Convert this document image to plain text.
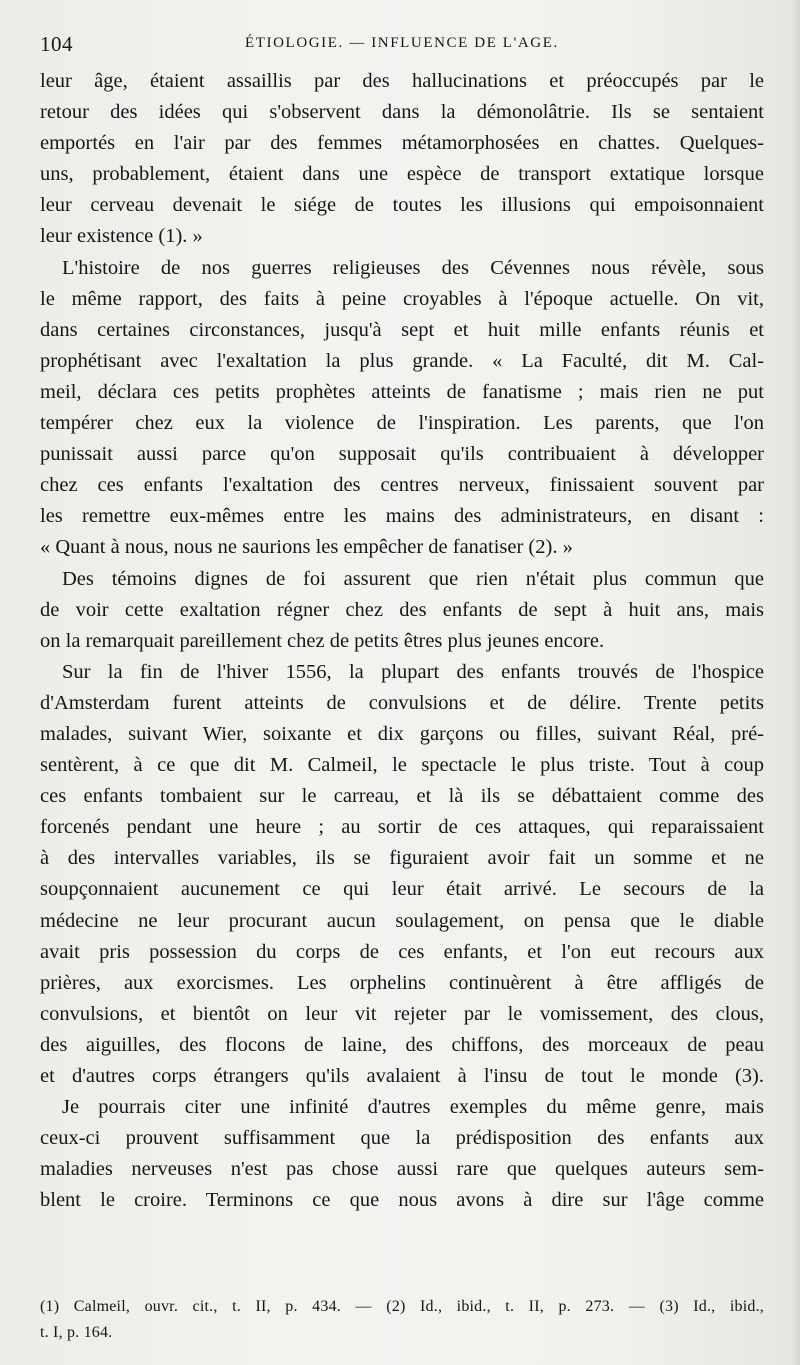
104	ÉTIOLOGIE. — INFLUENCE DE L'AGE.

leur âge, étaient assaillis par des hallucinations et préoccupés par le

retour des idées qui s'observent dans la démonolâtrie. Ils se sentaient

emportés en l'air par des femmes métamorphosées en chattes. Quelques-

uns, probablement, étaient dans une espèce de transport extatique lorsque

leur cerveau devenait le siége de toutes les illusions qui empoisonnaient

leur existence (1). »

L'histoire de nos guerres religieuses des Cévennes nous révèle, sous

le même rapport, des faits à peine croyables à l'époque actuelle. On vit,

dans certaines circonstances, jusqu'à sept et huit mille enfants réunis et

prophétisant avec l'exaltation la plus grande. « La Faculté, dit M. Cal-

meil, déclara ces petits prophètes atteints de fanatisme ; mais rien ne put

tempérer chez eux la violence de l'inspiration. Les parents, que l'on

punissait aussi parce qu'on supposait qu'ils contribuaient à développer

chez ces enfants l'exaltation des centres nerveux, finissaient souvent par

les remettre eux-mêmes entre les mains des administrateurs, en disant :

« Quant à nous, nous ne saurions les empêcher de fanatiser (2). »

Des témoins dignes de foi assurent que rien n'était plus commun que

de voir cette exaltation régner chez des enfants de sept à huit ans, mais

on la remarquait pareillement chez de petits êtres plus jeunes encore.

Sur la fin de l'hiver 1556, la plupart des enfants trouvés de l'hospice

d'Amsterdam furent atteints de convulsions et de délire. Trente petits

malades, suivant Wier, soixante et dix garçons ou filles, suivant Réal, pré-

sentèrent, à ce que dit M. Calmeil, le spectacle le plus triste. Tout à coup

ces enfants tombaient sur le carreau, et là ils se débattaient comme des

forcenés pendant une heure ; au sortir de ces attaques, qui reparaissaient

à des intervalles variables, ils se figuraient avoir fait un somme et ne

soupçonnaient aucunement ce qui leur était arrivé. Le secours de la

médecine ne leur procurant aucun soulagement, on pensa que le diable

avait pris possession du corps de ces enfants, et l'on eut recours aux

prières, aux exorcismes. Les orphelins continuèrent à être affligés de

convulsions, et bientôt on leur vit rejeter par le vomissement, des clous,

des aiguilles, des flocons de laine, des chiffons, des morceaux de peau

et d'autres corps étrangers qu'ils avalaient à l'insu de tout le monde (3).

Je pourrais citer une infinité d'autres exemples du même genre, mais

ceux-ci prouvent suffisamment que la prédisposition des enfants aux

maladies nerveuses n'est pas chose aussi rare que quelques auteurs sem-

blent le croire. Terminons ce que nous avons à dire sur l'âge comme

(1) Calmeil, ouvr. cit., t. II, p. 434. — (2) Id., ibid., t. II, p. 273. — (3) Id., ibid.,

t. I, p. 164.
